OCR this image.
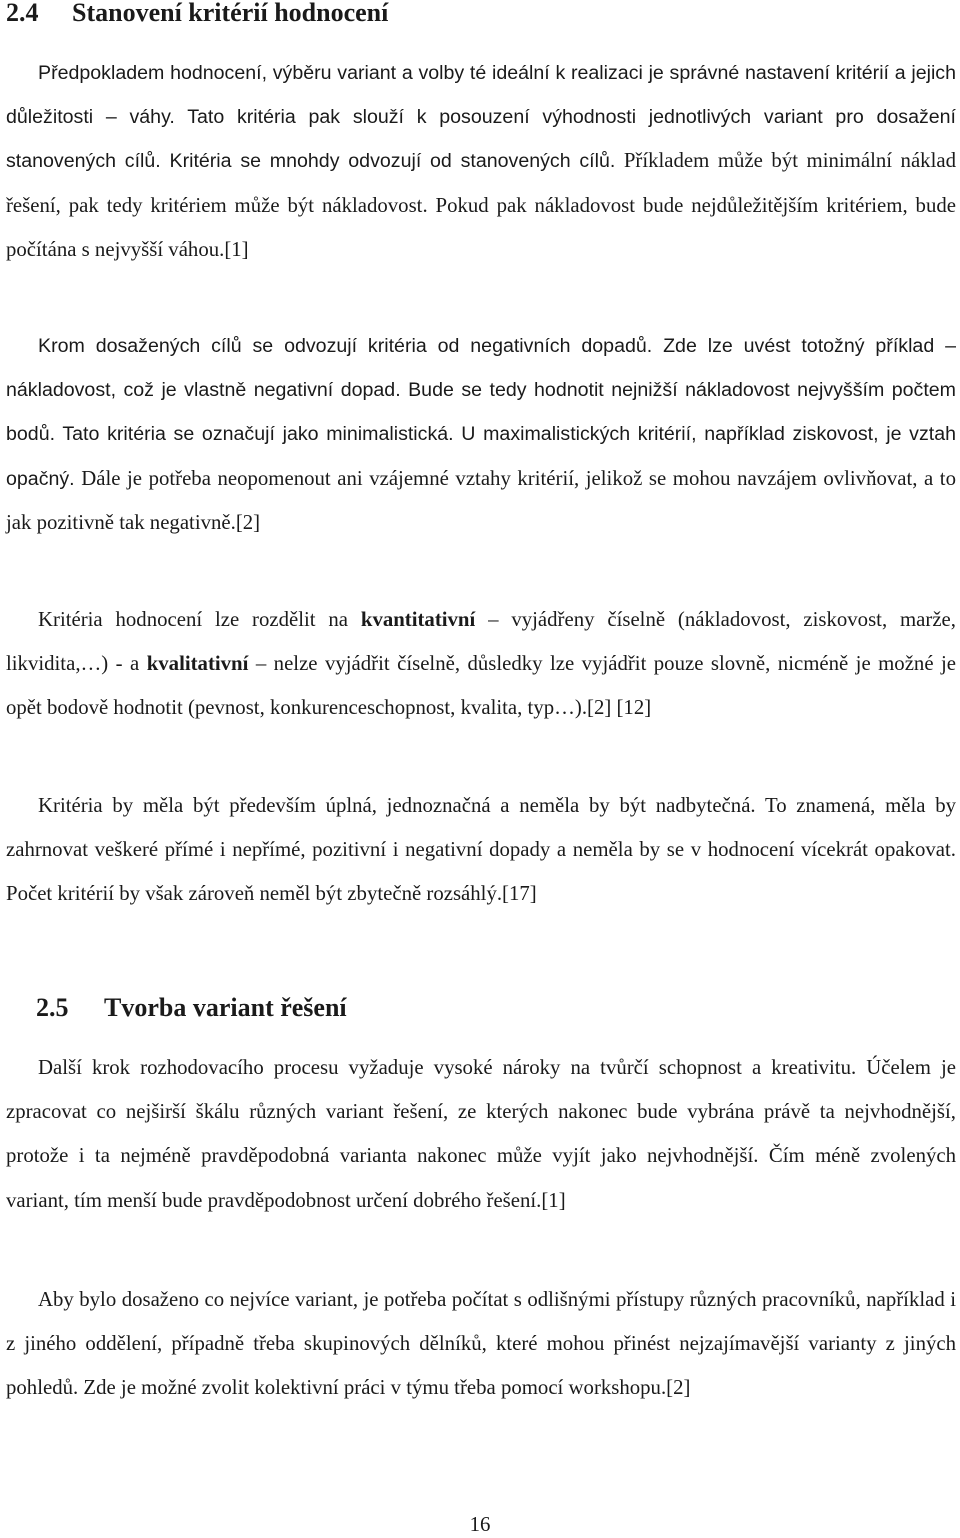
2.4 Stanovení kritérií hodnocení

Předpokladem hodnocení, výběru variant a volby té ideální k realizaci je správné nastavení kritérií a jejich důležitosti – váhy. Tato kritéria pak slouží k posouzení výhodnosti jednotlivých variant pro dosažení stanovených cílů. Kritéria se mnohdy odvozují od stanovených cílů. Příkladem může být minimální náklad řešení, pak tedy kritériem může být nákladovost. Pokud pak nákladovost bude nejdůležitějším kritériem, bude počítána s nejvyšší váhou.[1]

Krom dosažených cílů se odvozují kritéria od negativních dopadů. Zde lze uvést totožný příklad – nákladovost, což je vlastně negativní dopad. Bude se tedy hodnotit nejnižší nákladovost nejvyšším počtem bodů. Tato kritéria se označují jako minimalistická. U maximalistických kritérií, například ziskovost, je vztah opačný. Dále je potřeba neopomenout ani vzájemné vztahy kritérií, jelikož se mohou navzájem ovlivňovat, a to jak pozitivně tak negativně.[2]

Kritéria hodnocení lze rozdělit na kvantitativní – vyjádřeny číselně (nákladovost, ziskovost, marže, likvidita,…) - a kvalitativní – nelze vyjádřit číselně, důsledky lze vyjádřit pouze slovně, nicméně je možné je opět bodově hodnotit (pevnost, konkurenceschopnost, kvalita, typ…).[2] [12]

Kritéria by měla být především úplná, jednoznačná a neměla by být nadbytečná. To znamená, měla by zahrnovat veškeré přímé i nepřímé, pozitivní i negativní dopady a neměla by se v hodnocení vícekrát opakovat. Počet kritérií by však zároveň neměl být zbytečně rozsáhlý.[17]

2.5 Tvorba variant řešení

Další krok rozhodovacího procesu vyžaduje vysoké nároky na tvůrčí schopnost a kreativitu. Účelem je zpracovat co nejširší škálu různých variant řešení, ze kterých nakonec bude vybrána právě ta nejvhodnější, protože i ta nejméně pravděpodobná varianta nakonec může vyjít jako nejvhodnější. Čím méně zvolených variant, tím menší bude pravděpodobnost určení dobrého řešení.[1]

Aby bylo dosaženo co nejvíce variant, je potřeba počítat s odlišnými přístupy různých pracovníků, například i z jiného oddělení, případně třeba skupinových dělníků, které mohou přinést nejzajímavější varianty z jiných pohledů. Zde je možné zvolit kolektivní práci v týmu třeba pomocí workshopu.[2]

16
